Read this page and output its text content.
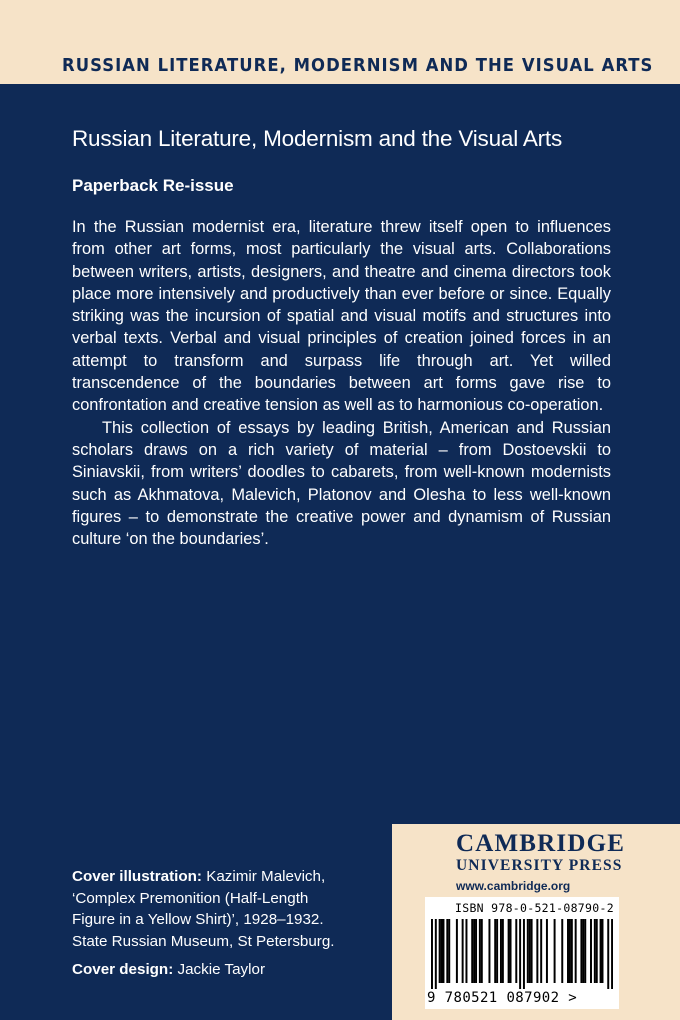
RUSSIAN LITERATURE, MODERNISM AND THE VISUAL ARTS
Russian Literature, Modernism and the Visual Arts
Paperback Re-issue

In the Russian modernist era, literature threw itself open to influences from other art forms, most particularly the visual arts. Collaborations between writers, artists, designers, and theatre and cinema directors took place more intensively and productively than ever before or since. Equally striking was the incursion of spatial and visual motifs and structures into verbal texts. Verbal and visual principles of creation joined forces in an attempt to transform and surpass life through art. Yet willed transcendence of the boundaries between art forms gave rise to confrontation and creative tension as well as to harmonious co-operation.

This collection of essays by leading British, American and Russian scholars draws on a rich variety of material – from Dostoevskii to Siniavskii, from writers’ doodles to cabarets, from well-known modernists such as Akhmatova, Malevich, Platonov and Olesha to less well-known figures – to demonstrate the creative power and dynamism of Russian culture ‘on the boundaries’.

Cover illustration: Kazimir Malevich,
‘Complex Premonition (Half-Length
Figure in a Yellow Shirt)’, 1928–1932.
State Russian Museum, St Petersburg.
Cover design: Jackie Taylor
CAMBRIDGE
UNIVERSITY PRESS
www.cambridge.org
ISBN 978-0-521-08790-2
9 780521 087902 >
